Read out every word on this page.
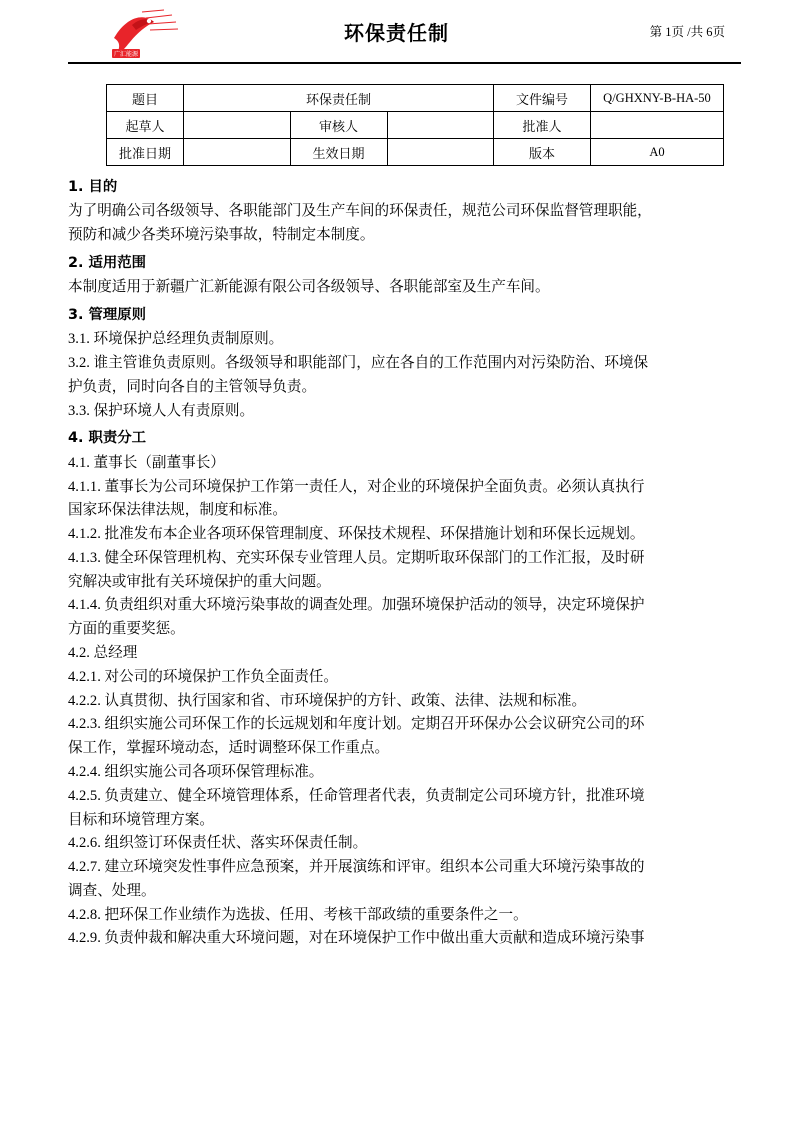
广汇能源
环保责任制	第 1页 /共 6页
题目	环保责任制			文件编号	Q/GHXNY-B-HA-50
起草人		审核人		批准人	
批准日期		生效日期		版本	A0
1. 目的

为了明确公司各级领导、各职能部门及生产车间的环保责任，规范公司环保监督管理职能，

预防和减少各类环境污染事故，特制定本制度。

2. 适用范围

本制度适用于新疆广汇新能源有限公司各级领导、各职能部室及生产车间。

3. 管理原则

3.1. 环境保护总经理负责制原则。

3.2. 谁主管谁负责原则。各级领导和职能部门，应在各自的工作范围内对污染防治、环境保

护负责，同时向各自的主管领导负责。

3.3. 保护环境人人有责原则。

4. 职责分工

4.1. 董事长（副董事长）

4.1.1. 董事长为公司环境保护工作第一责任人，对企业的环境保护全面负责。必须认真执行

国家环保法律法规，制度和标准。

4.1.2. 批准发布本企业各项环保管理制度、环保技术规程、环保措施计划和环保长远规划。

4.1.3. 健全环保管理机构、充实环保专业管理人员。定期听取环保部门的工作汇报，及时研

究解决或审批有关环境保护的重大问题。

4.1.4. 负责组织对重大环境污染事故的调查处理。加强环境保护活动的领导，决定环境保护

方面的重要奖惩。

4.2. 总经理

4.2.1. 对公司的环境保护工作负全面责任。

4.2.2. 认真贯彻、执行国家和省、市环境保护的方针、政策、法律、法规和标准。

4.2.3. 组织实施公司环保工作的长远规划和年度计划。定期召开环保办公会议研究公司的环

保工作，掌握环境动态，适时调整环保工作重点。

4.2.4. 组织实施公司各项环保管理标准。

4.2.5. 负责建立、健全环境管理体系，任命管理者代表，负责制定公司环境方针，批准环境

目标和环境管理方案。

4.2.6. 组织签订环保责任状、落实环保责任制。

4.2.7. 建立环境突发性事件应急预案，并开展演练和评审。组织本公司重大环境污染事故的

调查、处理。

4.2.8. 把环保工作业绩作为选拔、任用、考核干部政绩的重要条件之一。

4.2.9. 负责仲裁和解决重大环境问题，对在环境保护工作中做出重大贡献和造成环境污染事
